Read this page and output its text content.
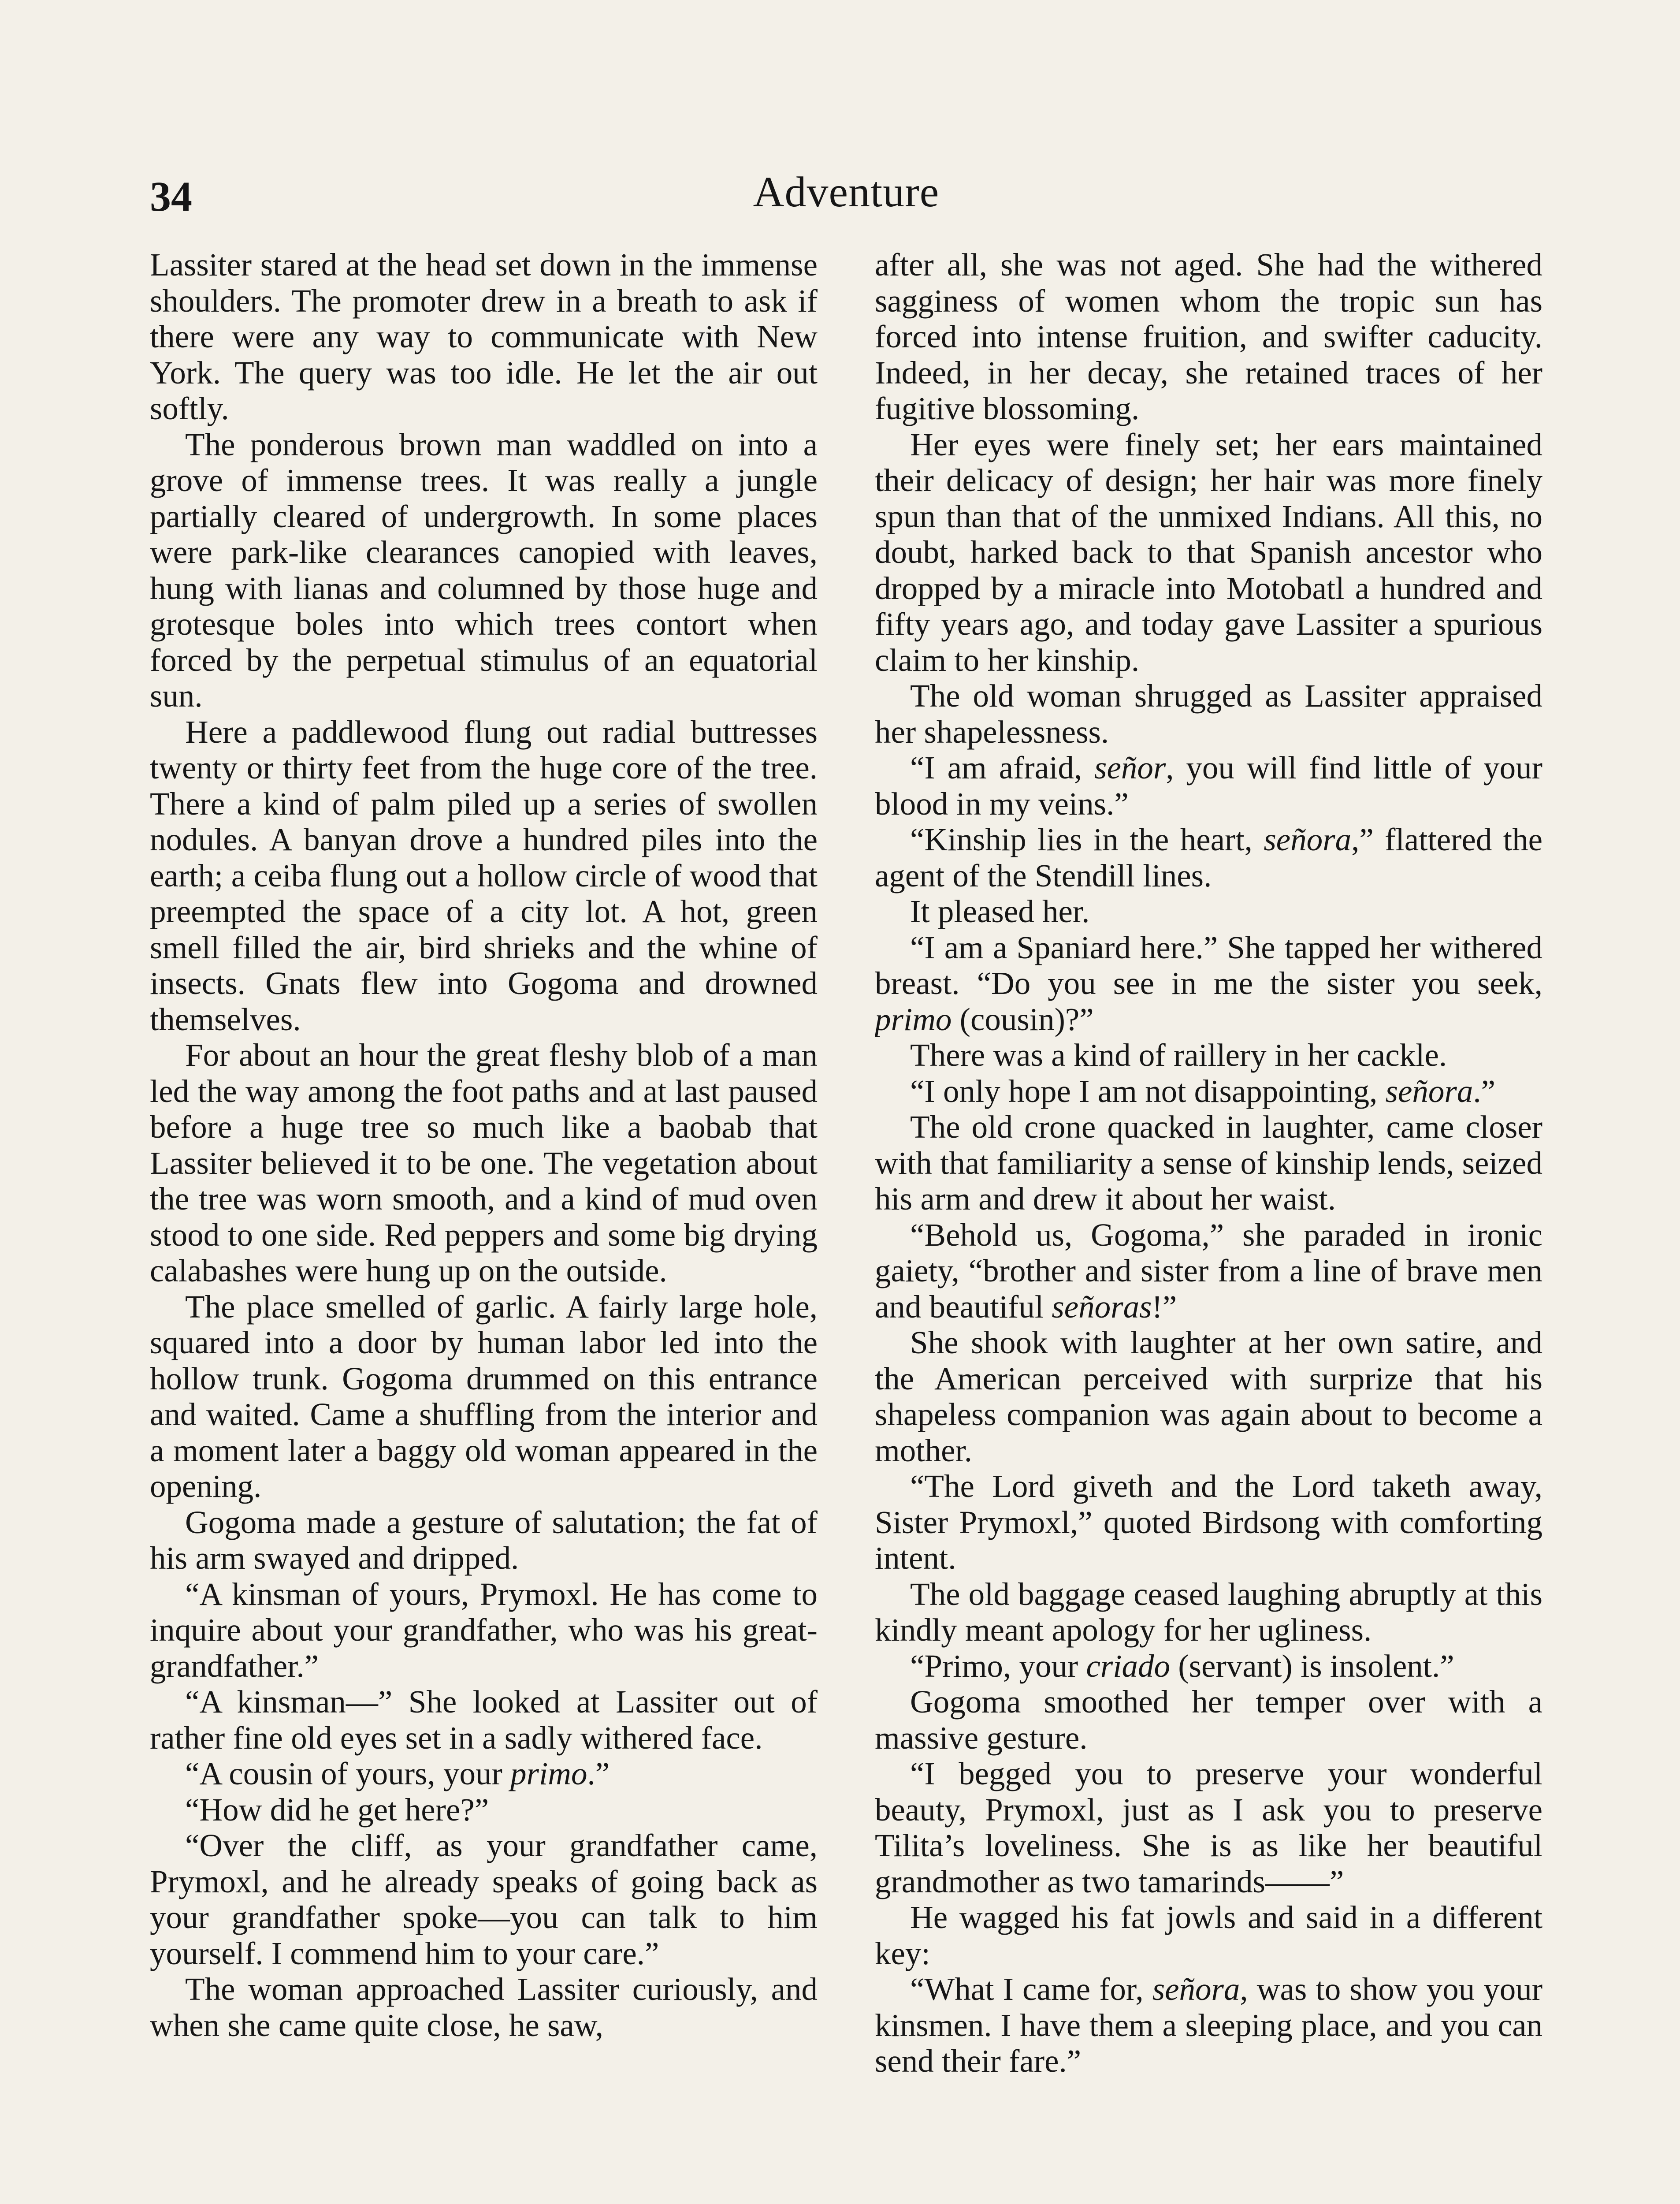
34	Adventure

Lassiter stared at the head set down in the immense shoulders. The promoter drew in a breath to ask if there were any way to communicate with New York. The query was too idle. He let the air out softly.

The ponderous brown man waddled on into a grove of immense trees. It was really a jungle partially cleared of undergrowth. In some places were park-like clearances canopied with leaves, hung with lianas and columned by those huge and grotesque boles into which trees contort when forced by the perpetual stimulus of an equatorial sun.

Here a paddlewood flung out radial buttresses twenty or thirty feet from the huge core of the tree. There a kind of palm piled up a series of swollen nodules. A banyan drove a hundred piles into the earth; a ceiba flung out a hollow circle of wood that preempted the space of a city lot. A hot, green smell filled the air, bird shrieks and the whine of insects. Gnats flew into Gogoma and drowned themselves.

For about an hour the great fleshy blob of a man led the way among the foot paths and at last paused before a huge tree so much like a baobab that Lassiter believed it to be one. The vegetation about the tree was worn smooth, and a kind of mud oven stood to one side. Red peppers and some big drying calabashes were hung up on the outside.

The place smelled of garlic. A fairly large hole, squared into a door by human labor led into the hollow trunk. Gogoma drummed on this entrance and waited. Came a shuffling from the interior and a moment later a baggy old woman appeared in the opening.

Gogoma made a gesture of salutation; the fat of his arm swayed and dripped.

“A kinsman of yours, Prymoxl. He has come to inquire about your grandfather, who was his great-grandfather.”

“A kinsman—” She looked at Lassiter out of rather fine old eyes set in a sadly withered face.

“A cousin of yours, your primo.”

“How did he get here?”

“Over the cliff, as your grandfather came, Prymoxl, and he already speaks of going back as your grandfather spoke—you can talk to him yourself. I commend him to your care.”

The woman approached Lassiter curiously, and when she came quite close, he saw,

after all, she was not aged. She had the withered sagginess of women whom the tropic sun has forced into intense fruition, and swifter caducity. Indeed, in her decay, she retained traces of her fugitive blossoming.

Her eyes were finely set; her ears maintained their delicacy of design; her hair was more finely spun than that of the unmixed Indians. All this, no doubt, harked back to that Spanish ancestor who dropped by a miracle into Motobatl a hundred and fifty years ago, and today gave Lassiter a spurious claim to her kinship.

The old woman shrugged as Lassiter appraised her shapelessness.

“I am afraid, señor, you will find little of your blood in my veins.”

“Kinship lies in the heart, señora,” flattered the agent of the Stendill lines.

It pleased her.

“I am a Spaniard here.” She tapped her withered breast. “Do you see in me the sister you seek, primo (cousin)?”

There was a kind of raillery in her cackle.

“I only hope I am not disappointing, señora.”

The old crone quacked in laughter, came closer with that familiarity a sense of kinship lends, seized his arm and drew it about her waist.

“Behold us, Gogoma,” she paraded in ironic gaiety, “brother and sister from a line of brave men and beautiful señoras!”

She shook with laughter at her own satire, and the American perceived with surprize that his shapeless companion was again about to become a mother.

“The Lord giveth and the Lord taketh away, Sister Prymoxl,” quoted Birdsong with comforting intent.

The old baggage ceased laughing abruptly at this kindly meant apology for her ugliness.

“Primo, your criado (servant) is insolent.”

Gogoma smoothed her temper over with a massive gesture.

“I begged you to preserve your wonderful beauty, Prymoxl, just as I ask you to preserve Tilita’s loveliness. She is as like her beautiful grandmother as two tamarinds——”

He wagged his fat jowls and said in a different key:

“What I came for, señora, was to show you your kinsmen. I have them a sleeping place, and you can send their fare.”
